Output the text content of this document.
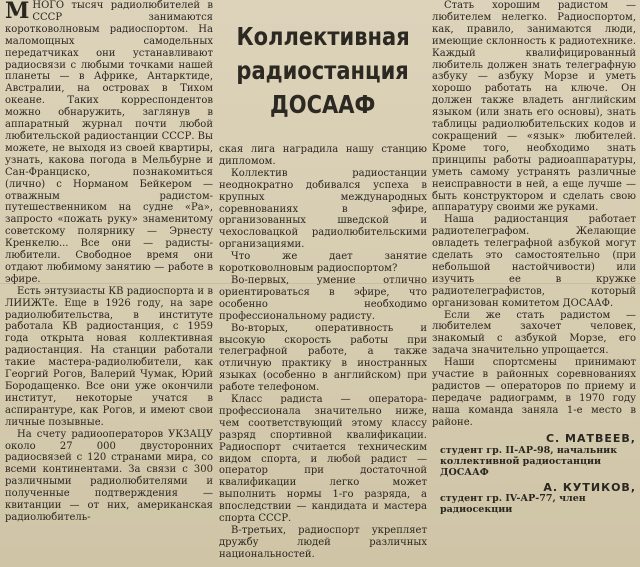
Коллективная
радиостанция
ДОСААФ

МНОГО тысяч радиолюбителей в СССР занимаются коротковолновым радиоспортом. На маломощных самодельных передатчиках они устанавливают радиосвязи с любыми точками нашей планеты — в Африке, Антарктиде, Австралии, на островах в Тихом океане. Таких корреспондентов можно обнаружить, заглянув в аппаратный журнал почти любой любительской радиостанции СССР. Вы можете, не выходя из своей квартиры, узнать, какова погода в Мельбурне и Сан-Франциско, познакомиться (лично) с Норманом Бейкером — отважным радистом-путешественником на судне «Ра», запросто «пожать руку» знаменитому советскому полярнику — Эрнесту Кренкелю... Все они — радисты-любители. Свободное время они отдают любимому занятию — работе в эфире.

Есть энтузиасты КВ радиоспорта и в ЛИИЖТе. Еще в 1926 году, на заре радиолюбительства, в институте работала КВ радиостанция, с 1959 года открыта новая коллективная радиостанция. На станции работали такие мастера-радиолюбители, как Георгий Рогов, Валерий Чумак, Юрий Бородащенко. Все они уже окончили институт, некоторые учатся в аспирантуре, как Рогов, и имеют свои личные позывные.

На счету радиооператоров УК3АЦУ около 27 000 двусторонних радиосвязей с 120 странами мира, со всеми континентами. За связи с 300 различными радиолюбителями и полученные подтверждения — квитанции — от них, американская радиолюбитель-

ская лига наградила нашу станцию дипломом.

Коллектив радиостанции неоднократно добивался успеха в крупных международных соревнованиях в эфире, организованных шведской и чехословацкой радиолюбительскими организациями.

Что же дает занятие коротковолновым радиоспортом?

Во-первых, умение отлично ориентироваться в эфире, что особенно необходимо профессиональному радисту.

Во-вторых, оперативность и высокую скорость работы при телеграфной работе, а также отличную практику в иностранных языках (особенно в английском) при работе телефоном.

Класс радиста — оператора-профессионала значительно ниже, чем соответствующий этому классу разряд спортивной квалификации. Радиоспорт считается техническим видом спорта, и любой радист — оператор при достаточной квалификации легко может выполнить нормы 1-го разряда, а впоследствии — кандидата и мастера спорта СССР.

В-третьих, радиоспорт укрепляет дружбу людей различных национальностей.

Стать хорошим радистом — любителем нелегко. Радиоспортом, как, правило, занимаются люди, имеющие склонность к радиотехнике. Каждый квалифицированный любитель должен знать телеграфную азбуку — азбуку Морзе и уметь хорошо работать на ключе. Он должен также владеть английским языком (или знать его основы), знать таблицы радиолюбительских кодов и сокращений — «язык» любителей. Кроме того, необходимо знать принципы работы радиоаппаратуры, уметь самому устранять различные неисправности в ней, а еще лучше — быть конструктором и сделать свою аппаратуру своими же руками.

Наша радиостанция работает радиотелеграфом. Желающие овладеть телеграфной азбукой могут сделать это самостоятельно (при небольшой настойчивости) или изучить ее в кружке радиотелеграфистов, который организован комитетом ДОСААФ.

Если же стать радистом — любителем захочет человек, знакомый с азбукой Морзе, его задача значительно упрощается.

Наши спортсмены принимают участие в районных соревнованиях радистов — операторов по приему и передаче радиограмм, в 1970 году наша команда заняла 1-е место в районе.

С. МАТВЕЕВ,
студент гр. II-АР-98, начальник коллективной радиостанции ДОСААФ
А. КУТИКОВ,
студент гр. IV-АР-77, член радиосекции
